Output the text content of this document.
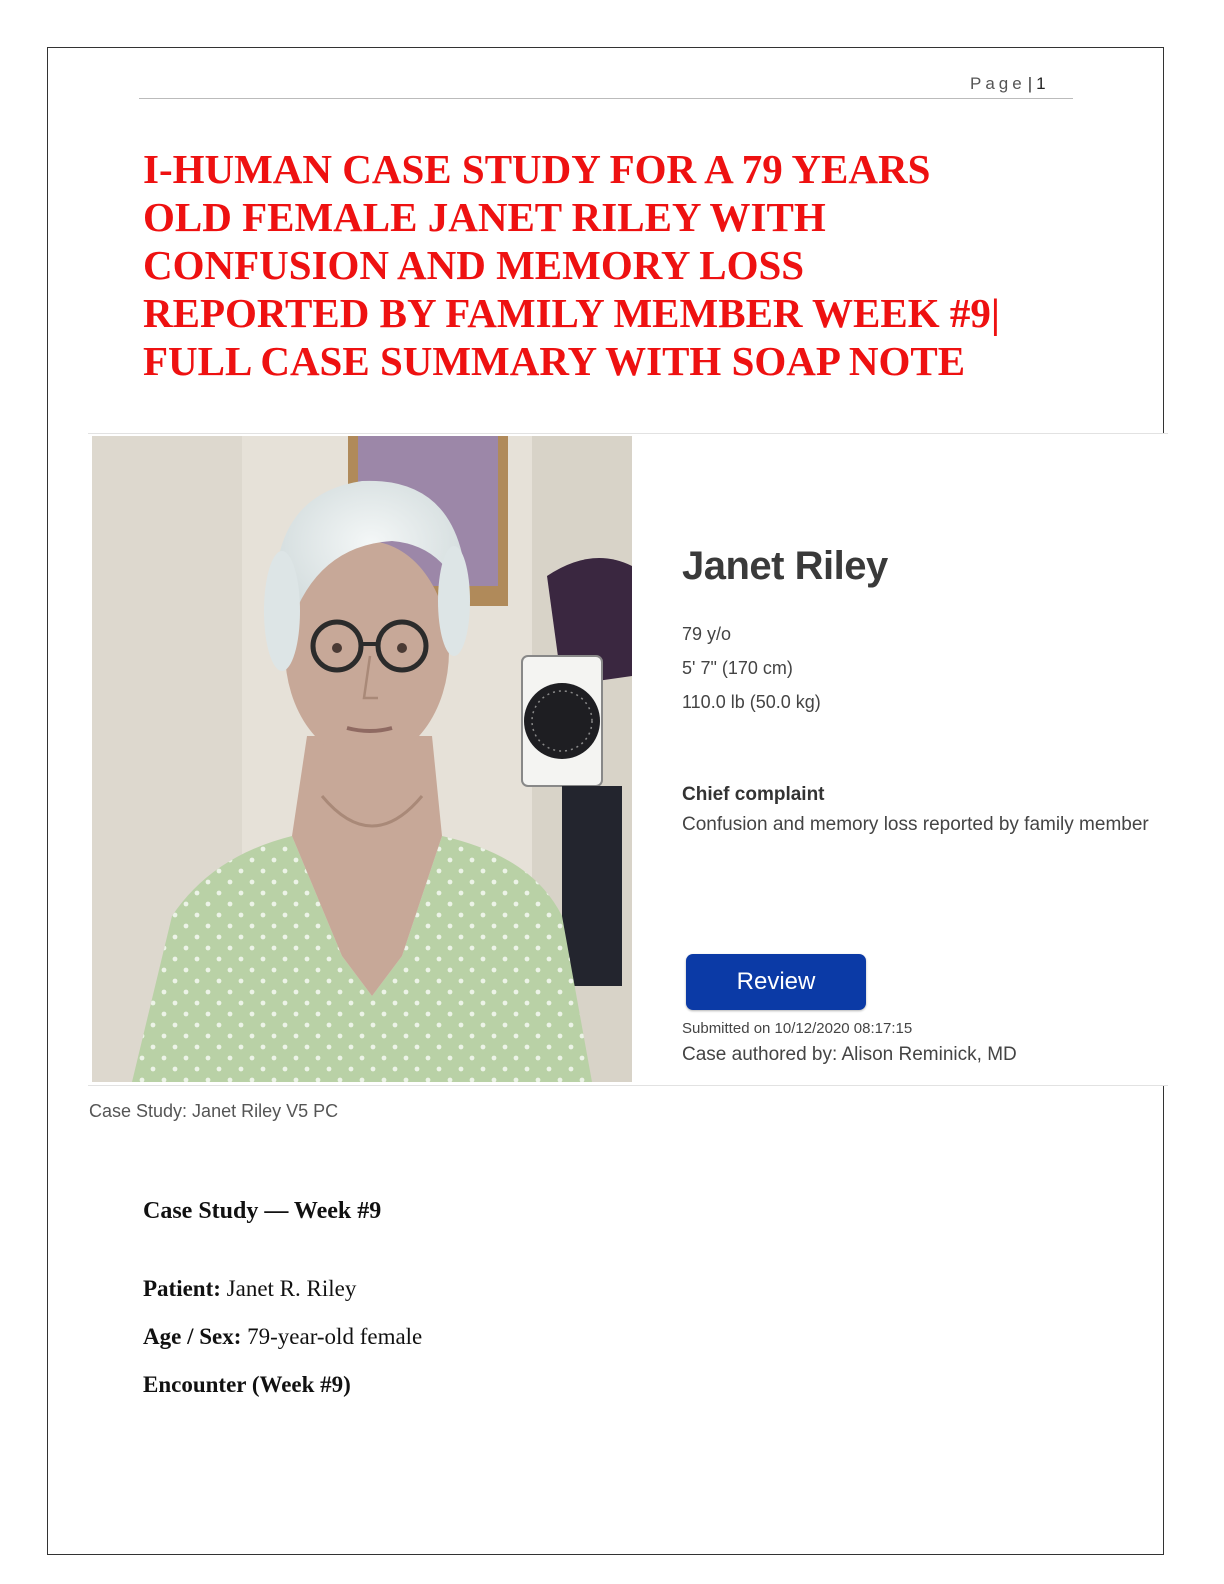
Page | 1
I-HUMAN CASE STUDY FOR A 79 YEARS
OLD FEMALE JANET RILEY WITH
CONFUSION AND MEMORY LOSS
REPORTED BY FAMILY MEMBER WEEK #9|
FULL CASE SUMMARY WITH SOAP NOTE
Janet Riley
79 y/o
5' 7" (170 cm)
110.0 lb (50.0 kg)
Chief complaint
Confusion and memory loss reported by family member
Review
Submitted on 10/12/2020 08:17:15
Case authored by: Alison Reminick, MD
Case Study: Janet Riley V5 PC
Case Study — Week #9
Patient: Janet R. Riley
Age / Sex: 79-year-old female
Encounter (Week #9)
